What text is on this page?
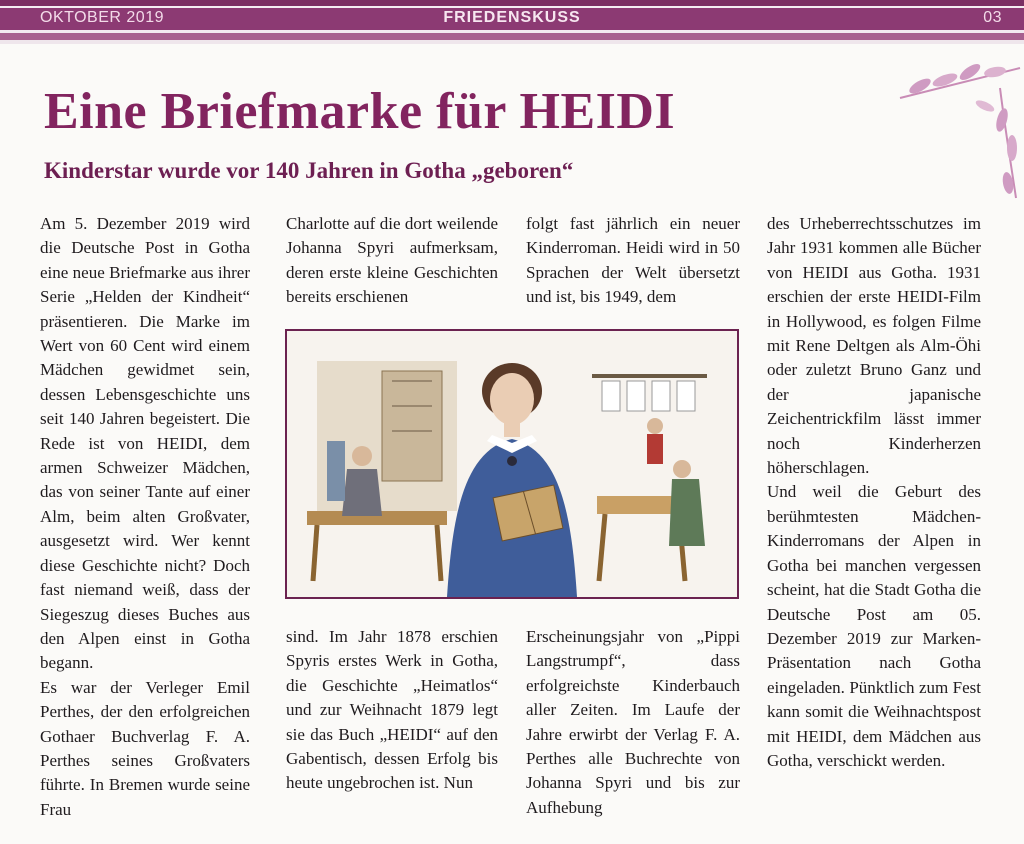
OKTOBER 2019	FRIEDENSKUSS	03
Eine Briefmarke für HEIDI
Kinderstar wurde vor 140 Jahren in Gotha „geboren“

Am 5. Dezember 2019 wird die Deutsche Post in Gotha eine neue Briefmarke aus ihrer Serie „Helden der Kindheit“ präsentieren. Die Marke im Wert von 60 Cent wird einem Mädchen gewidmet sein, dessen Lebensgeschichte uns seit 140 Jahren begeistert. Die Rede ist von HEIDI, dem armen Schweizer Mädchen, das von seiner Tante auf einer Alm, beim alten Großvater, ausgesetzt wird. Wer kennt diese Geschichte nicht? Doch fast niemand weiß, dass der Siegeszug dieses Buches aus den Alpen einst in Gotha begann.

Es war der Verleger Emil Perthes, der den erfolgreichen Gothaer Buchverlag F. A. Perthes seines Großvaters führte. In Bremen wurde seine Frau

Charlotte auf die dort weilende Johanna Spyri aufmerksam, deren erste kleine Geschichten bereits erschienen

sind. Im Jahr 1878 erschien Spyris erstes Werk in Gotha, die Geschichte „Heimatlos“ und zur Weihnacht 1879 legt sie das Buch „HEIDI“ auf den Gabentisch, dessen Erfolg bis heute ungebrochen ist. Nun

folgt fast jährlich ein neuer Kinderroman. Heidi wird in 50 Sprachen der Welt übersetzt und ist, bis 1949, dem

Erscheinungsjahr von „Pippi Langstrumpf“, dass erfolgreichste Kinderbauch aller Zeiten. Im Laufe der Jahre erwirbt der Verlag F. A. Perthes alle Buchrechte von Johanna Spyri und bis zur Aufhebung

des Urheberrechtsschutzes im Jahr 1931 kommen alle Bücher von HEIDI aus Gotha. 1931 erschien der erste HEIDI-Film in Hollywood, es folgen Filme mit Rene Deltgen als Alm-Öhi oder zuletzt Bruno Ganz und der japanische Zeichentrickfilm lässt immer noch Kinderherzen höherschlagen.

Und weil die Geburt des berühmtesten Mädchen-Kinderromans der Alpen in Gotha bei manchen vergessen scheint, hat die Stadt Gotha die Deutsche Post am 05. Dezember 2019 zur Marken-Präsentation nach Gotha eingeladen. Pünktlich zum Fest kann somit die Weihnachtspost mit HEIDI, dem Mädchen aus Gotha, verschickt werden.
